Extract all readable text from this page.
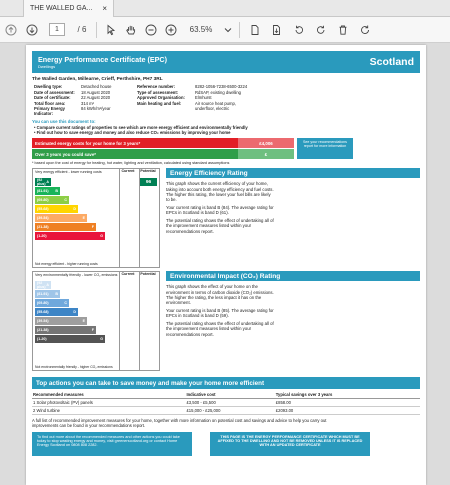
THE WALLED GA... ×
1	/ 6	63.5%
Energy Performance Certificate (EPC)
Dwellings	Scotland
The Walled Garden, Millearne, Crieff, Perthshire, PH7 3RL
Dwelling type:	Detached house	Reference number:	8282-1056-7238-6500-3224
Date of assessment:	18 August 2020	Type of assessment:	RdSAP, existing dwelling
Date of certificate:	22 August 2020	Approved Organisation:	Elmhurst
Total floor area:	314 m²	Main heating and fuel:	Air source heat pump,
Primary Energy Indicator:
84 kWh/m²/year	underfloor, electric
You can use this document to:
• Compare current ratings of properties to see which are more energy efficient and environmentally friendly
• Find out how to save energy and money and also reduce CO₂ emissions by improving your home
Estimated energy costs for your home for 3 years*	£4,006
Over 3 years you could save*	£
See your recommendations report for more information
* based upon the cost of energy for heating, hot water, lighting and ventilation, calculated using standard assumptions
Very energy efficient - lower running costs	Current	Potential
Not energy efficient - higher running costs
(92 plus) A
(81-91) B
(69-80)	C
(55-68)	D
(39-54)	E
(21-38)	F
(1-20)	G
96
Energy Efficiency Rating

This graph shows the current efficiency of your home, taking into account both energy efficiency and fuel costs. The higher this rating, the lower your fuel bills are likely to be.

Your current rating is band B (84). The average rating for EPCs in Scotland is band D (61).

The potential rating shows the effect of undertaking all of the improvement measures listed within your recommendations report.

Very environmentally friendly - lower CO₂ emissions	Current	Potential
Not environmentally friendly - higher CO₂ emissions
(92 plus) A
(81-91) B
(69-80)	C
(55-68)	D
(39-54)	E
(21-38)	F
(1-20)	G
Environmental Impact (CO₂) Rating

This graph shows the effect of your home on the environment in terms of carbon dioxide (CO₂) emissions. The higher the rating, the less impact it has on the environment.

Your current rating is band B (85). The average rating for EPCs in Scotland is band D (59).

The potential rating shows the effect of undertaking all of the improvement measures listed within your recommendations report.

Top actions you can take to save money and make your home more efficient
Recommended measures	Indicative cost	Typical savings over 3 years
1 Solar photovoltaic (PV) panels	£3,500 - £5,500	£858.00
2 Wind turbine	£15,000 - £25,000	£2093.00
A full list of recommended improvement measures for your home, together with more information on potential cost and savings and advice to help you carry out improvements can be found in your recommendations report.
To find out more about the recommended measures and other actions you could take today to stop wasting energy and money, visit greenerscotland.org or contact Home Energy Scotland on 0808 808 2282.
THIS PAGE IS THE ENERGY PERFORMANCE CERTIFICATE WHICH MUST BE AFFIXED TO THE DWELLING AND NOT BE REMOVED UNLESS IT IS REPLACED WITH AN UPDATED CERTIFICATE
